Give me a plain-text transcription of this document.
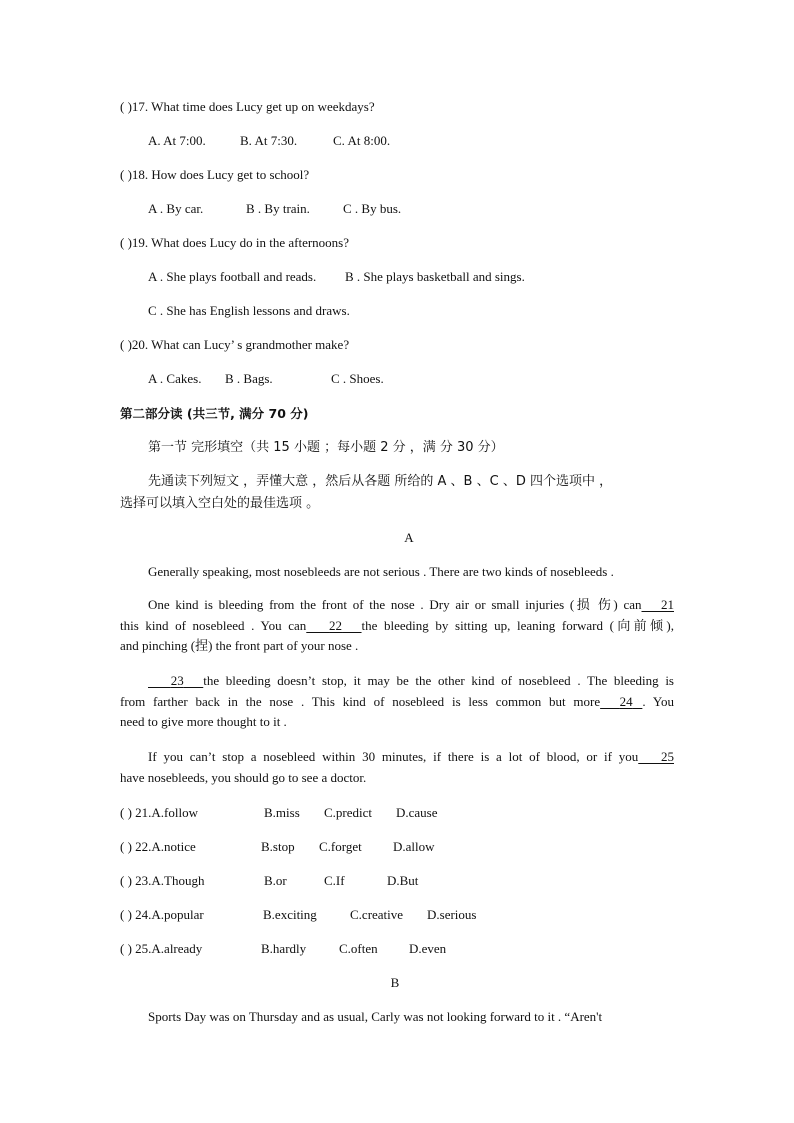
( )17. What time does Lucy get up on weekdays?
A. At 7:00.	B. At 7:30.	C. At 8:00.
( )18. How does Lucy get to school?
A . By car.	B . By train.	C . By bus.
( )19. What does Lucy do in the afternoons?
A . She plays football and reads. B . She plays basketball and sings.
C . She has English lessons and draws.
( )20. What can Lucy’ s grandmother make?
A . Cakes. B . Bags.	C . Shoes.
第二部分读 (共三节, 满分 70 分)
第一节 完形填空（共 15 小题 ；每小题 2 分 ，满 分 30 分）
先通读下列短文 ，弄懂大意 ，然后从各题 所给的 A 、B 、C 、D 四个选项中 ，
选择可以填入空白处的最佳选项 。
A
Generally speaking, most nosebleeds are not serious . There are two kinds of nosebleeds .
One kind is bleeding from the front of the nose . Dry air or small injuries (损 伤) can 21
this kind of nosebleed . You can 22 the bleeding by sitting up, leaning forward (向前倾),
and pinching (捏) the front part of your nose .
23 the bleeding doesn’t stop, it may be the other kind of nosebleed . The bleeding is
from farther back in the nose . This kind of nosebleed is less common but more 24 . You
need to give more thought to it .
If you can’t stop a nosebleed within 30 minutes, if there is a lot of blood, or if you 25
have nosebleeds, you should go to see a doctor.
( ) 21.A.follow	B.miss C.predict D.cause
( ) 22.A.notice	B.stop C.forget D.allow
( ) 23.A.Though	B.or	C.If	D.But
( ) 24.A.popular	B.exciting	C.creative D.serious
( ) 25.A.already	B.hardly	C.often D.even
B
Sports Day was on Thursday and as usual, Carly was not looking forward to it . “Aren't
